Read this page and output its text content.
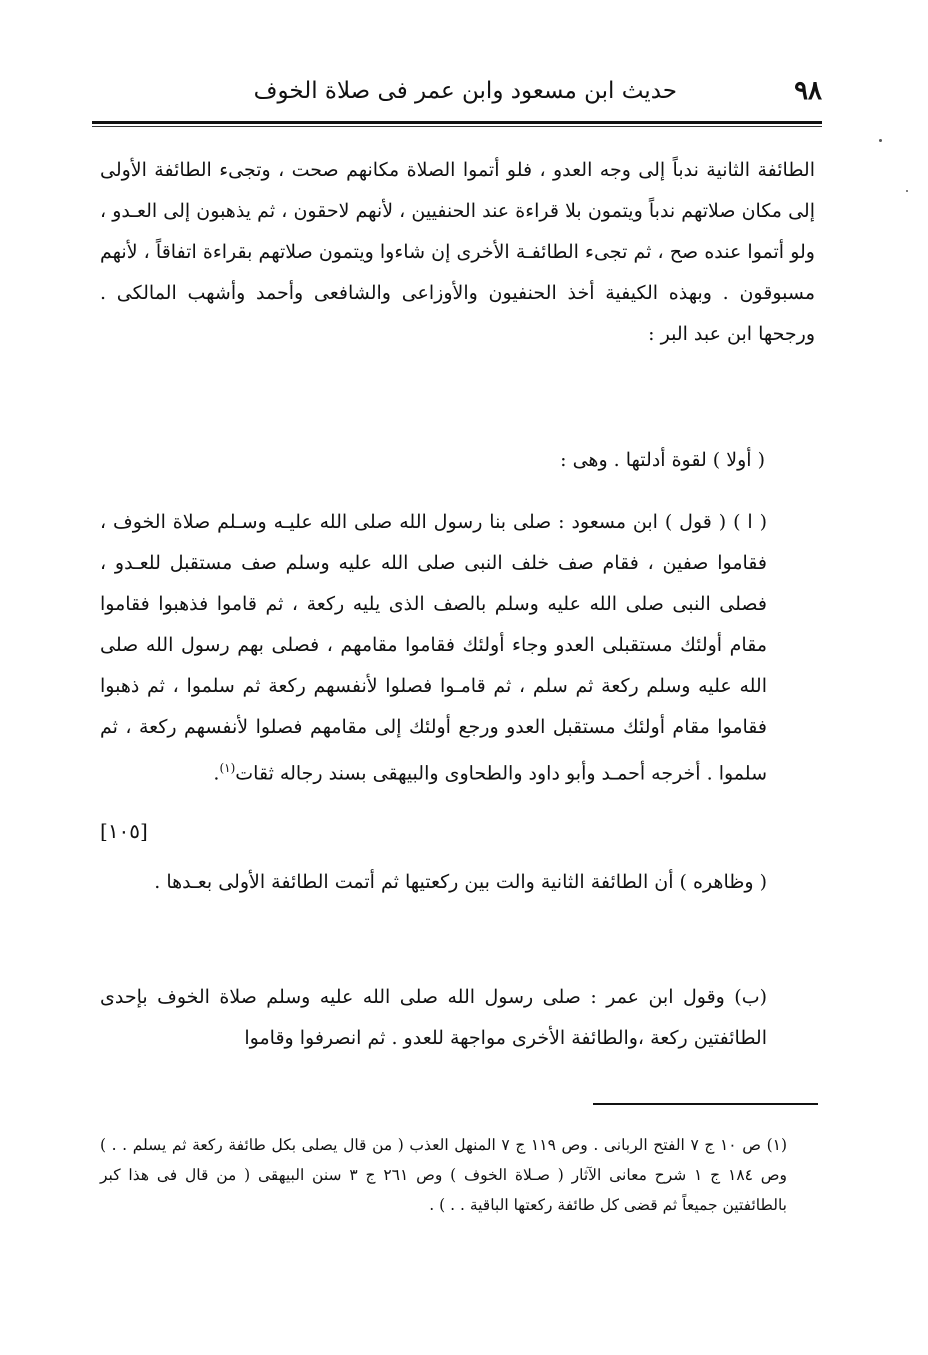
٩٨
حديث ابن مسعود وابن عمر فى صلاة الخوف

الطائفة الثانية ندباً إلى وجه العدو ، فلو أتموا الصلاة مكانهم صحت ، وتجىء الطائفة الأولى إلى مكان صلاتهم ندباً ويتمون بلا قراءة عند الحنفيين ، لأنهم لاحقون ، ثم يذهبون إلى العـدو ، ولو أتموا عنده صح ، ثم تجىء الطائفـة الأخرى إن شاءوا ويتمون صلاتهم بقراءة اتفاقاً ، لأنهم مسبوقون . وبهذه الكيفية أخذ الحنفيون والأوزاعى والشافعى وأحمد وأشهب المالكى . ورجحها ابن عبد البر :

( أولا ) لقوة أدلتها . وهى :

( ا ) ( قول ) ابن مسعود : صلى بنا رسول الله صلى الله عليـه وسـلم صلاة الخوف ، فقاموا صفين ، فقام صف خلف النبى صلى الله عليه وسلم صف مستقبل للعـدو ، فصلى النبى صلى الله عليه وسلم بالصف الذى يليه ركعة ، ثم قاموا فذهبوا فقاموا مقام أولئك مستقبلى العدو وجاء أولئك فقاموا مقامهم ، فصلى بهم رسول الله صلى الله عليه وسلم ركعة ثم سلم ، ثم قامـوا فصلوا لأنفسهم ركعة ثم سلموا ، ثم ذهبوا فقاموا مقام أولئك مستقبل العدو ورجع أولئك إلى مقامهم فصلوا لأنفسهم ركعة ، ثم سلموا . أخرجه أحمـد وأبو داود والطحاوى والبيهقى بسند رجاله ثقات$^{(١)}$.

[١٠٥]

( وظاهره ) أن الطائفة الثانية والت بين ركعتيها ثم أتمت الطائفة الأولى بعـدها .

(ب) وقول ابن عمر : صلى رسول الله صلى الله عليه وسلم صلاة الخوف بإحدى الطائفتين ركعة ،والطائفة الأخرى مواجهة للعدو . ثم انصرفوا وقاموا

(١) ص ١٠ ج ٧ الفتح الربانى . وص ١١٩ ج ٧ المنهل العذب ( من قال يصلى بكل طائفة ركعة ثم يسلم . . ) وص ١٨٤ ج ١ شرح معانى الآثار ( صـلاة الخوف ) وص ٢٦١ ج ٣ سنن البيهقى ( من قال فى هذا كبر بالطائفتين جميعاً ثم قضى كل طائفة ركعتها الباقية . . ) .
